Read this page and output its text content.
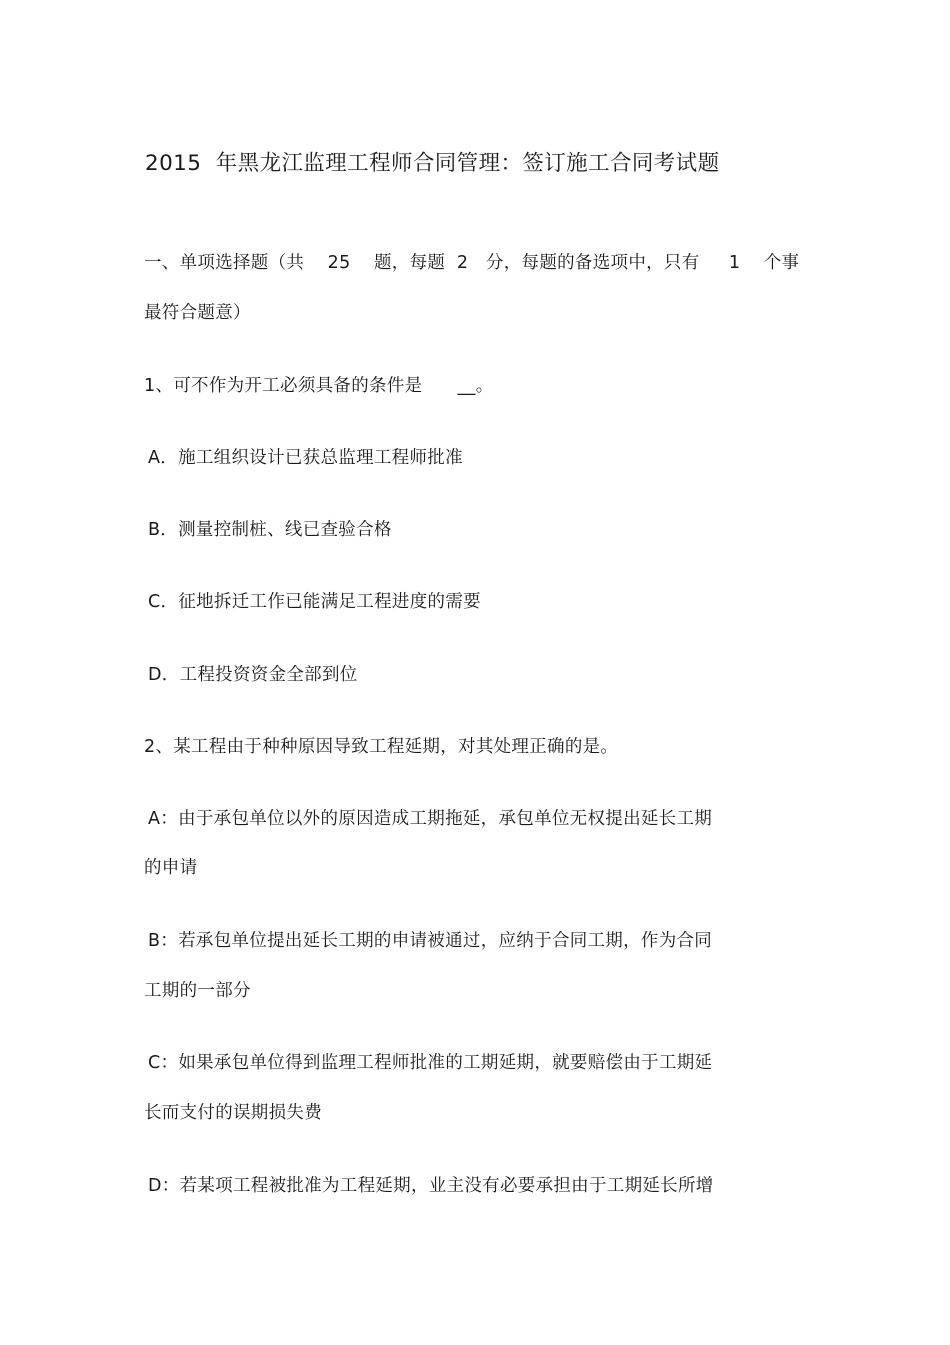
2015  年黑龙江监理工程师合同管理：签订施工合同考试题
一、单项选择题（共    25    题，每题  2   分，每题的备选项中，只有     1    个事
最符合题意）
1、可不作为开工必须具备的条件是      __。
A．施工组织设计已获总监理工程师批准
B．测量控制桩、线已查验合格
C．征地拆迁工作已能满足工程进度的需要
D．工程投资资金全部到位
2、某工程由于种种原因导致工程延期，对其处理正确的是。
A：由于承包单位以外的原因造成工期拖延，承包单位无权提出延长工期
的申请
B：若承包单位提出延长工期的申请被通过，应纳于合同工期，作为合同
工期的一部分
C：如果承包单位得到监理工程师批准的工期延期，就要赔偿由于工期延
长而支付的误期损失费
D：若某项工程被批准为工程延期，业主没有必要承担由于工期延长所增
